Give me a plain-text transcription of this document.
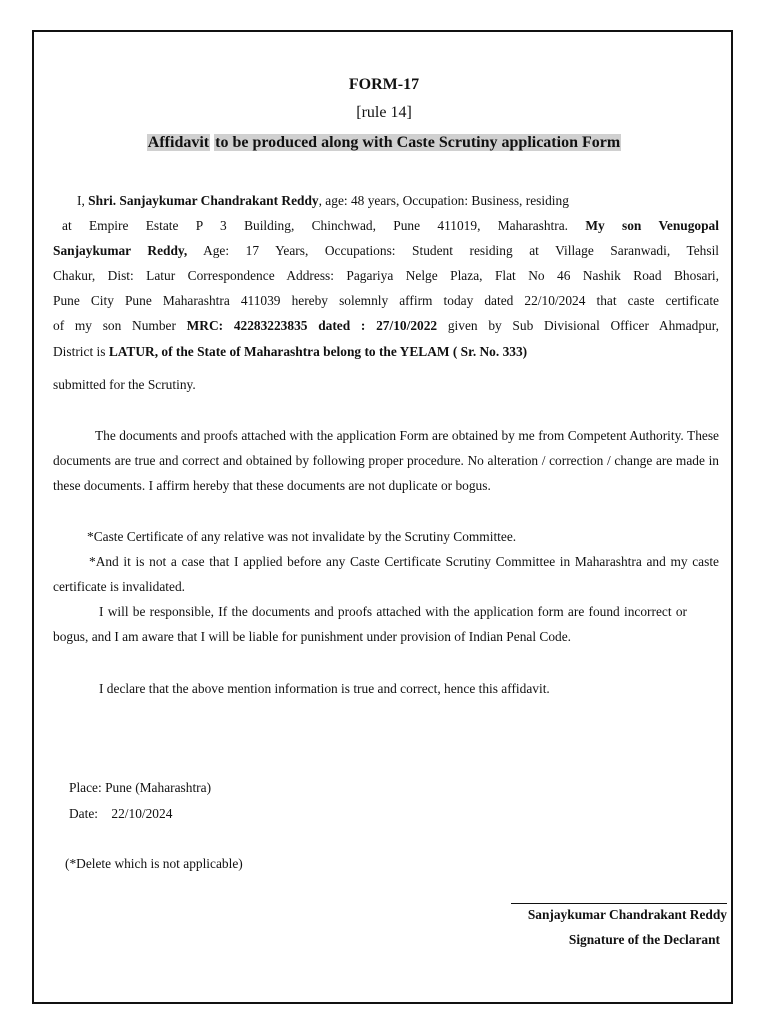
FORM-17
[rule 14]
Affidavit to be produced along with Caste Scrutiny application Form
I, Shri. Sanjaykumar Chandrakant Reddy, age: 48 years, Occupation: Business, residing
at Empire Estate P 3 Building, Chinchwad, Pune 411019, Maharashtra. My son Venugopal
Sanjaykumar Reddy, Age: 17 Years, Occupations: Student residing at Village Saranwadi, Tehsil
Chakur, Dist: Latur Correspondence Address: Pagariya Nelge Plaza, Flat No 46 Nashik Road Bhosari,
Pune City Pune Maharashtra 411039 hereby solemnly affirm today dated 22/10/2024 that caste certificate
of my son Number MRC: 42283223835 dated : 27/10/2022 given by Sub Divisional Officer Ahmadpur,
District is LATUR, of the State of Maharashtra belong to the YELAM ( Sr. No. 333)
submitted for the Scrutiny.
The documents and proofs attached with the application Form are obtained by me from Competent Authority. These documents are true and correct and obtained by following proper procedure. No alteration / correction / change are made in these documents. I affirm hereby that these documents are not duplicate or bogus.
*Caste Certificate of any relative was not invalidate by the Scrutiny Committee.
*And it is not a case that I applied before any Caste Certificate Scrutiny Committee in Maharashtra and my caste certificate is invalidated.
I will be responsible, If the documents and proofs attached with the application form are found incorrect or bogus, and I am aware that I will be liable for punishment under provision of Indian Penal Code.
I declare that the above mention information is true and correct, hence this affidavit.
Place: Pune (Maharashtra)
Date: 22/10/2024
(*Delete which is not applicable)
Sanjaykumar Chandrakant Reddy
Signature of the Declarant
